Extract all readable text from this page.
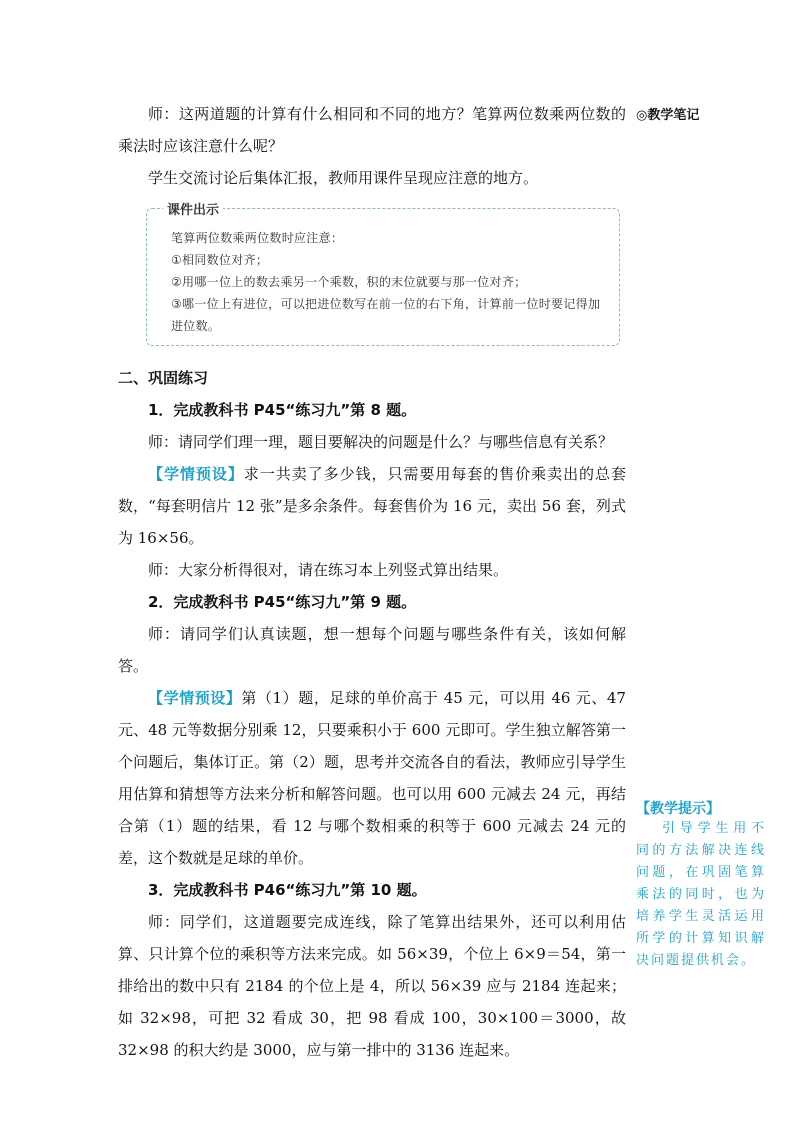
师：这两道题的计算有什么相同和不同的地方？笔算两位数乘两位数的乘法时应该注意什么呢？

学生交流讨论后集体汇报，教师用课件呈现应注意的地方。

课件出示

笔算两位数乘两位数时应注意：

①相同数位对齐；

②用哪一位上的数去乘另一个乘数，积的末位就要与那一位对齐；

③哪一位上有进位，可以把进位数写在前一位的右下角，计算前一位时要记得加进位数。

二、巩固练习

1．完成教科书 P45“练习九”第 8 题。

师：请同学们理一理，题目要解决的问题是什么？与哪些信息有关系？

【学情预设】求一共卖了多少钱，只需要用每套的售价乘卖出的总套数，“每套明信片 12 张”是多余条件。每套售价为 16 元，卖出 56 套，列式为 16×56。

师：大家分析得很对，请在练习本上列竖式算出结果。

2．完成教科书 P45“练习九”第 9 题。

师：请同学们认真读题，想一想每个问题与哪些条件有关，该如何解答。

【学情预设】第（1）题，足球的单价高于 45 元，可以用 46 元、47 元、48 元等数据分别乘 12，只要乘积小于 600 元即可。学生独立解答第一个问题后，集体订正。第（2）题，思考并交流各自的看法，教师应引导学生用估算和猜想等方法来分析和解答问题。也可以用 600 元减去 24 元，再结合第（1）题的结果，看 12 与哪个数相乘的积等于 600 元减去 24 元的差，这个数就是足球的单价。

3．完成教科书 P46“练习九”第 10 题。

师：同学们，这道题要完成连线，除了笔算出结果外，还可以利用估算、只计算个位的乘积等方法来完成。如 56×39，个位上 6×9＝54，第一排给出的数中只有 2184 的个位上是 4，所以 56×39 应与 2184 连起来；如 32×98，可把 32 看成 30，把 98 看成 100，30×100＝3000，故 32×98 的积大约是 3000，应与第一排中的 3136 连起来。

◎教学笔记

【教学提示】

引导学生用不同的方法解决连线问题，在巩固笔算乘法的同时，也为培养学生灵活运用所学的计算知识解决问题提供机会。
